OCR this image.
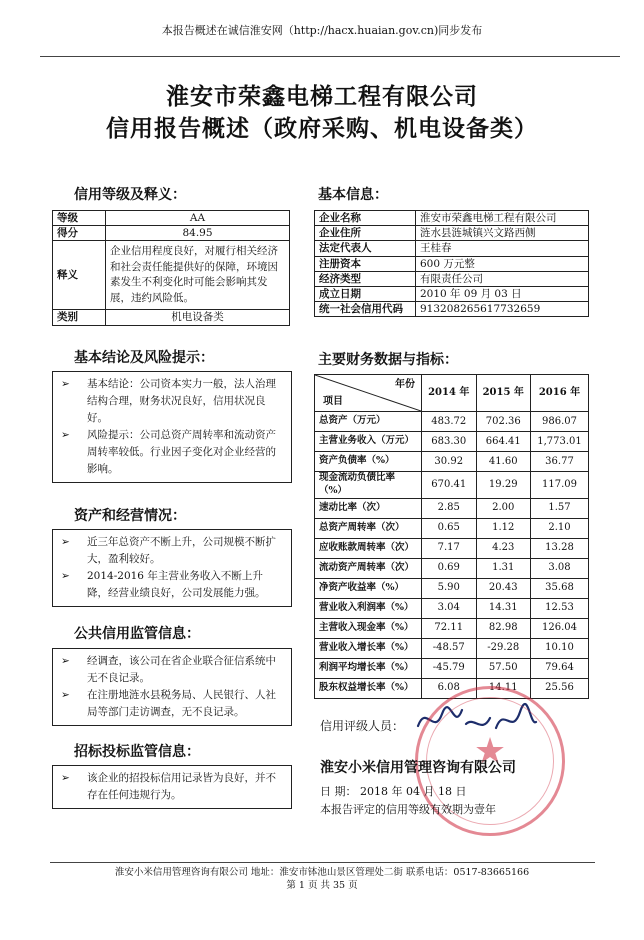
本报告概述在诚信淮安网（http://hacx.huaian.gov.cn)同步发布
淮安市荣鑫电梯工程有限公司
信用报告概述（政府采购、机电设备类）
信用等级及释义：
等级	AA
得分	84.95
释义	企业信用程度良好，对履行相关经济和社会责任能提供好的保障，环境因素发生不利变化时可能会影响其发展，违约风险低。
类别	机电设备类
基本信息：
企业名称	淮安市荣鑫电梯工程有限公司
企业住所	涟水县涟城镇兴文路西侧
法定代表人	王桂春
注册资本	600 万元整
经济类型	有限责任公司
成立日期	2010 年 09 月 03 日
统一社会信用代码	913208265617732659
基本结论及风险提示：
➢ 基本结论：公司资本实力一般，法人治理结构合理，财务状况良好，信用状况良好。
➢ 风险提示：公司总资产周转率和流动资产周转率较低。行业因子变化对企业经营的影响。
资产和经营情况：
➢ 近三年总资产不断上升，公司规模不断扩大，盈利较好。
➢ 2014-2016 年主营业务收入不断上升降，经营业绩良好，公司发展能力强。
公共信用监管信息：
➢ 经调查，该公司在省企业联合征信系统中无不良记录。
➢ 在注册地涟水县税务局、人民银行、人社局等部门走访调查，无不良记录。
招标投标监管信息：
➢ 该企业的招投标信用记录皆为良好，并不存在任何违规行为。
主要财务数据与指标：
年份
项目	2014 年	2015 年	2016 年
总资产（万元）	483.72	702.36	986.07
主营业务收入（万元）	683.30	664.41	1,773.01
资产负债率（%）	30.92	41.60	36.77
现金流动负债比率（%）	670.41	19.29	117.09
速动比率（次）	2.85	2.00	1.57
总资产周转率（次）	0.65	1.12	2.10
应收账款周转率（次）	7.17	4.23	13.28
流动资产周转率（次）	0.69	1.31	3.08
净资产收益率（%）	5.90	20.43	35.68
营业收入利润率（%）	3.04	14.31	12.53
主营收入现金率（%）	72.11	82.98	126.04
营业收入增长率（%）	-48.57	-29.28	10.10
利润平均增长率（%）	-45.79	57.50	79.64
股东权益增长率（%）	6.08	14.11	25.56
信用评级人员：
★
淮安小米信用管理咨询有限公司
日 期： 2018 年 04 月 18 日
本报告评定的信用等级有效期为壹年
淮安小米信用管理咨询有限公司 地址：淮安市钵池山景区管理处二街 联系电话：0517-83665166
第 1 页 共 35 页
